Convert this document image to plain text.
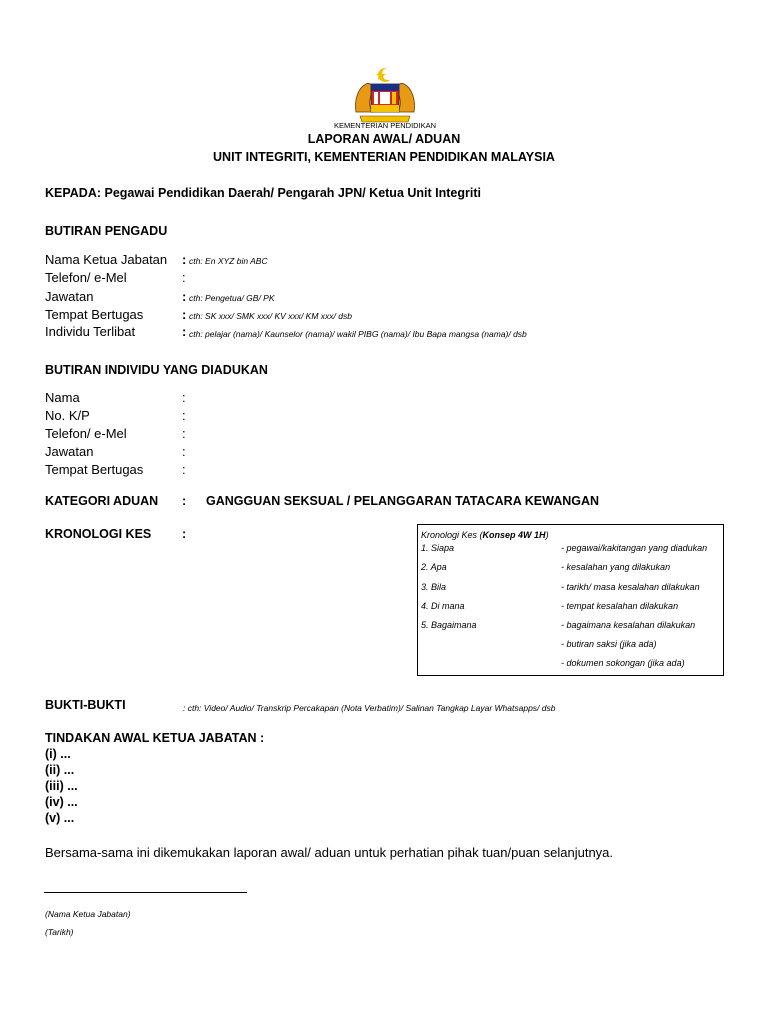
KEMENTERIAN PENDIDIKAN
LAPORAN AWAL/ ADUAN
UNIT INTEGRITI, KEMENTERIAN PENDIDIKAN MALAYSIA
KEPADA: Pegawai Pendidikan Daerah/ Pengarah JPN/ Ketua Unit Integriti
BUTIRAN PENGADU
Nama Ketua Jabatan : cth: En XYZ bin ABC
Telefon/ e-Mel	:
Jawatan	: cth: Pengetua/ GB/ PK
Tempat Bertugas	: cth: SK xxx/ SMK xxx/ KV xxx/ KM xxx/ dsb
Individu Terlibat	: cth: pelajar (nama)/ Kaunselor (nama)/ wakil PIBG (nama)/ Ibu Bapa mangsa (nama)/ dsb
BUTIRAN INDIVIDU YANG DIADUKAN
Nama	:
No. K/P	:
Telefon/ e-Mel	:
Jawatan	:
Tempat Bertugas	:
KATEGORI ADUAN : GANGGUAN SEKSUAL / PELANGGARAN TATACARA KEWANGAN
KRONOLOGI KES :	Kronologi Kes (Konsep 4W 1H)
1. Siapa	- pegawai/kakitangan yang diadukan
2. Apa	- kesalahan yang dilakukan
3. Bila	- tarikh/ masa kesalahan dilakukan
4. Di mana	- tempat kesalahan dilakukan
5. Bagaimana	- bagaimana kesalahan dilakukan
- butiran saksi (jika ada)
- dokumen sokongan (jika ada)
BUKTI-BUKTI	: cth: Video/ Audio/ Transkrip Percakapan (Nota Verbatim)/ Salinan Tangkap Layar Whatsapps/ dsb
TINDAKAN AWAL KETUA JABATAN :
(i) ...
(ii) ...
(iii) ...
(iv) ...
(v) ...
Bersama-sama ini dikemukakan laporan awal/ aduan untuk perhatian pihak tuan/puan selanjutnya.
(Nama Ketua Jabatan)
(Tarikh)
